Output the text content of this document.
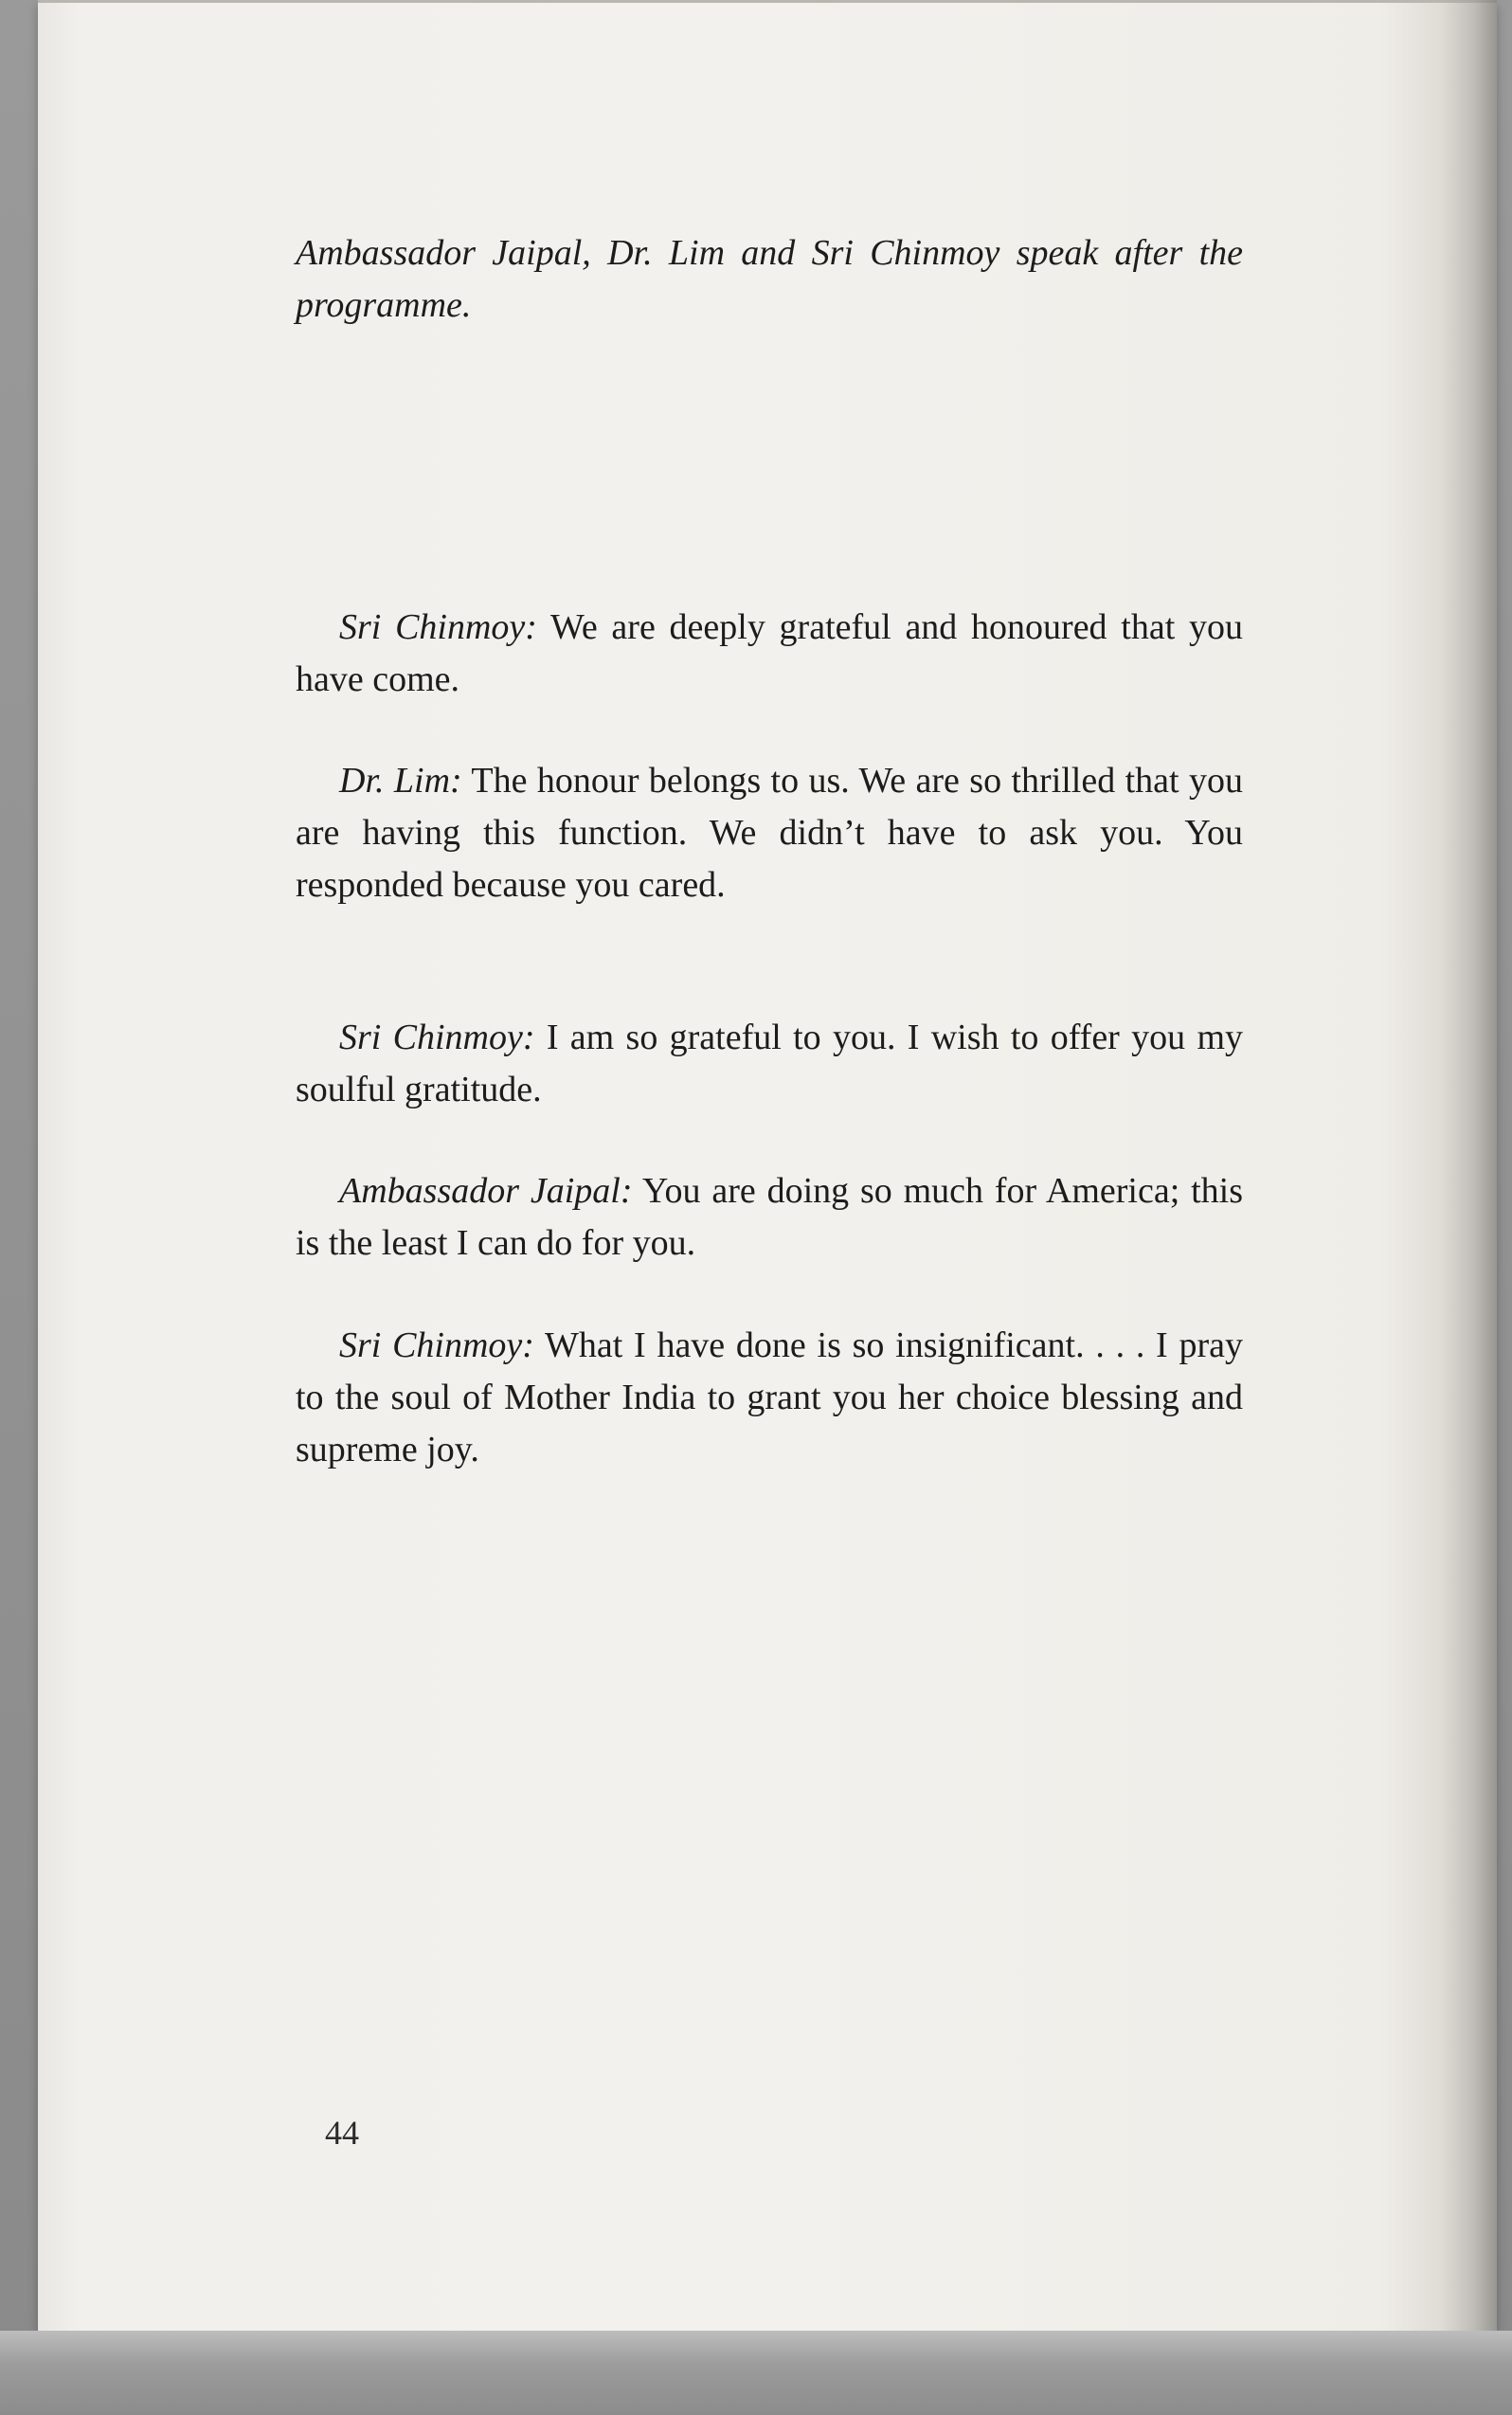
Ambassador Jaipal, Dr. Lim and Sri Chinmoy speak after the programme.

Sri Chinmoy: We are deeply grateful and honoured that you have come.

Dr. Lim: The honour belongs to us. We are so thrilled that you are having this function. We didn’t have to ask you. You responded because you cared.

Sri Chinmoy: I am so grateful to you. I wish to offer you my soulful gratitude.

Ambassador Jaipal: You are doing so much for America; this is the least I can do for you.

Sri Chinmoy: What I have done is so insignificant. . . . I pray to the soul of Mother India to grant you her choice blessing and supreme joy.

44
